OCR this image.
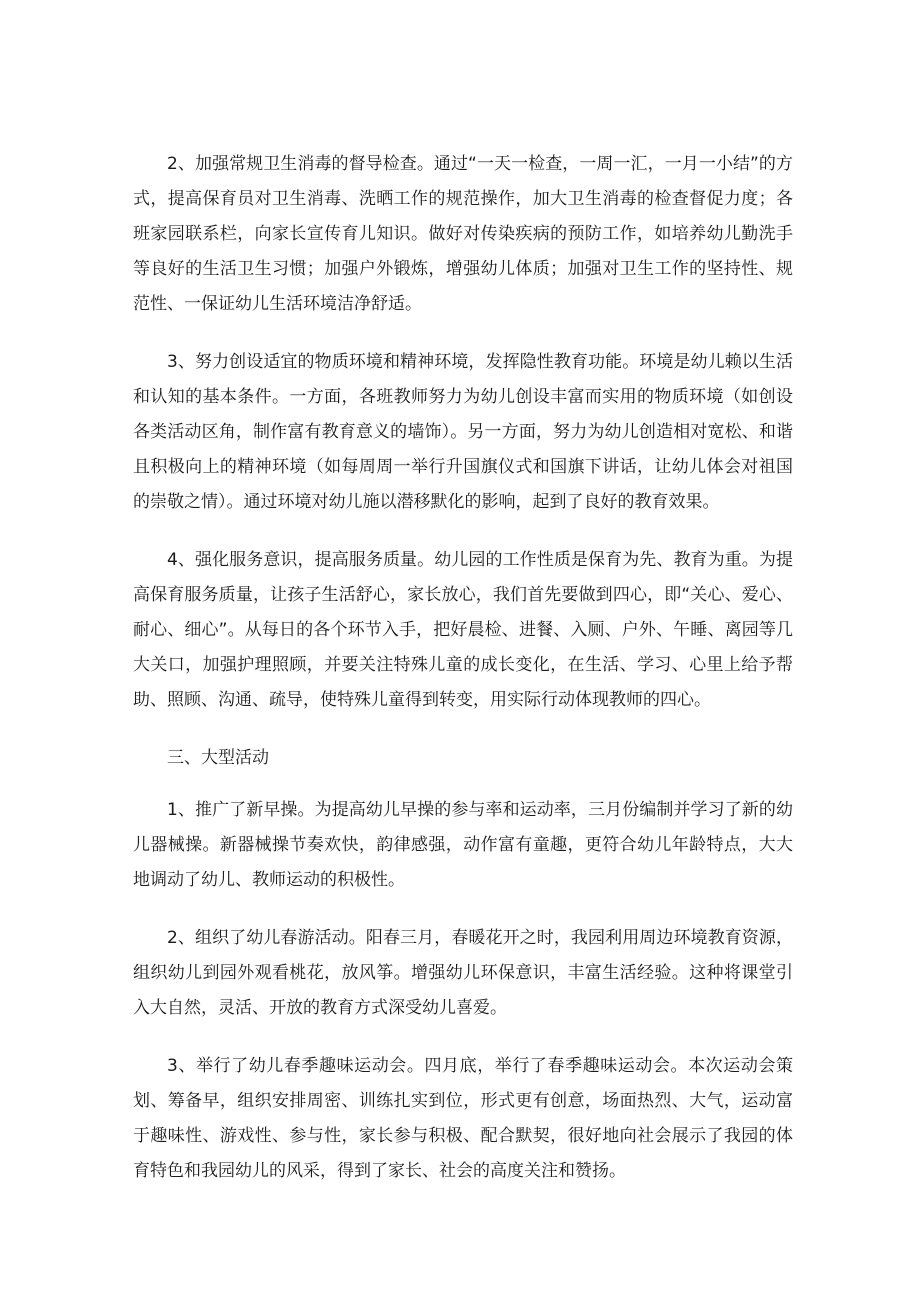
2、加强常规卫生消毒的督导检查。通过“一天一检查，一周一汇，一月一小结”的方式，提高保育员对卫生消毒、洗晒工作的规范操作，加大卫生消毒的检查督促力度；各班家园联系栏，向家长宣传育儿知识。做好对传染疾病的预防工作，如培养幼儿勤洗手等良好的生活卫生习惯；加强户外锻炼，增强幼儿体质；加强对卫生工作的坚持性、规范性、一保证幼儿生活环境洁净舒适。

3、努力创设适宜的物质环境和精神环境，发挥隐性教育功能。环境是幼儿赖以生活和认知的基本条件。一方面，各班教师努力为幼儿创设丰富而实用的物质环境（如创设各类活动区角，制作富有教育意义的墙饰）。另一方面，努力为幼儿创造相对宽松、和谐且积极向上的精神环境（如每周周一举行升国旗仪式和国旗下讲话，让幼儿体会对祖国的崇敬之情）。通过环境对幼儿施以潜移默化的影响，起到了良好的教育效果。

4、强化服务意识，提高服务质量。幼儿园的工作性质是保育为先、教育为重。为提高保育服务质量，让孩子生活舒心，家长放心，我们首先要做到四心，即“关心、爱心、耐心、细心”。从每日的各个环节入手，把好晨检、进餐、入厕、户外、午睡、离园等几大关口，加强护理照顾，并要关注特殊儿童的成长变化，在生活、学习、心里上给予帮助、照顾、沟通、疏导，使特殊儿童得到转变，用实际行动体现教师的四心。

三、大型活动

1、推广了新早操。为提高幼儿早操的参与率和运动率，三月份编制并学习了新的幼儿器械操。新器械操节奏欢快，韵律感强，动作富有童趣，更符合幼儿年龄特点，大大地调动了幼儿、教师运动的积极性。

2、组织了幼儿春游活动。阳春三月，春暖花开之时，我园利用周边环境教育资源，组织幼儿到园外观看桃花，放风筝。增强幼儿环保意识，丰富生活经验。这种将课堂引入大自然，灵活、开放的教育方式深受幼儿喜爱。

3、举行了幼儿春季趣味运动会。四月底，举行了春季趣味运动会。本次运动会策划、筹备早，组织安排周密、训练扎实到位，形式更有创意，场面热烈、大气，运动富于趣味性、游戏性、参与性，家长参与积极、配合默契，很好地向社会展示了我园的体育特色和我园幼儿的风采，得到了家长、社会的高度关注和赞扬。
